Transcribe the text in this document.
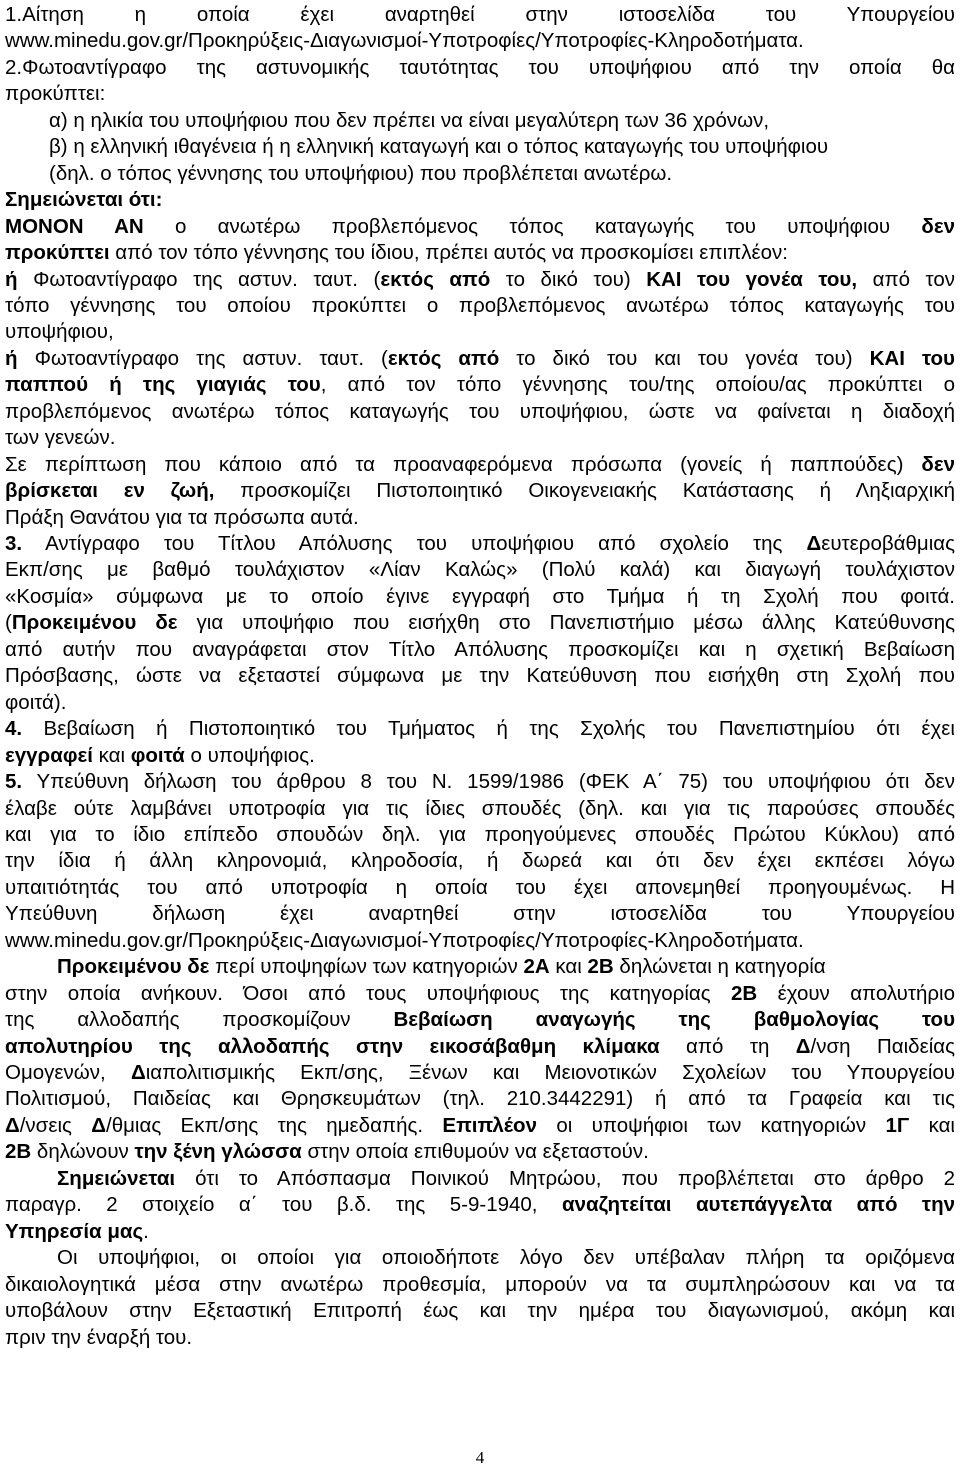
1.Αίτηση η οποία έχει αναρτηθεί στην ιστοσελίδα του Υπουργείου
www.minedu.gov.gr/Προκηρύξεις-Διαγωνισμοί-Υποτροφίες/Υποτροφίες-Κληροδοτήματα.
2.Φωτοαντίγραφο της αστυνομικής ταυτότητας του υποψήφιου από την οποία θα
προκύπτει:
α) η ηλικία του υποψήφιου που δεν πρέπει να είναι μεγαλύτερη των 36 χρόνων,
β) η ελληνική ιθαγένεια ή η ελληνική καταγωγή και ο τόπος καταγωγής του υποψήφιου
(δηλ. ο τόπος γέννησης του υποψήφιου) που προβλέπεται ανωτέρω.
Σημειώνεται ότι:
ΜΟΝΟΝ ΑΝ ο ανωτέρω προβλεπόμενος τόπος καταγωγής του υποψήφιου δεν
προκύπτει από τον τόπο γέννησης του ίδιου, πρέπει αυτός να προσκομίσει επιπλέον:
ή Φωτοαντίγραφο της αστυν. ταυτ. (εκτός από το δικό του) ΚΑΙ του γονέα του, από τον
τόπο γέννησης του οποίου προκύπτει ο προβλεπόμενος ανωτέρω τόπος καταγωγής του
υποψήφιου,
ή Φωτοαντίγραφο της αστυν. ταυτ. (εκτός από το δικό του και του γονέα του) ΚΑΙ του
παππού ή της γιαγιάς του, από τον τόπο γέννησης του/της οποίου/ας προκύπτει ο
προβλεπόμενος ανωτέρω τόπος καταγωγής του υποψήφιου, ώστε να φαίνεται η διαδοχή
των γενεών.
Σε περίπτωση που κάποιο από τα προαναφερόμενα πρόσωπα (γονείς ή παππούδες) δεν
βρίσκεται εν ζωή, προσκομίζει Πιστοποιητικό Οικογενειακής Κατάστασης ή Ληξιαρχική
Πράξη Θανάτου για τα πρόσωπα αυτά.
3. Αντίγραφο του Τίτλου Απόλυσης του υποψήφιου από σχολείο της Δευτεροβάθμιας
Εκπ/σης με βαθμό τουλάχιστον «Λίαν Καλώς» (Πολύ καλά) και διαγωγή τουλάχιστον
«Κοσμία» σύμφωνα με το οποίο έγινε εγγραφή στο Τμήμα ή τη Σχολή που φοιτά.
(Προκειμένου δε για υποψήφιο που εισήχθη στο Πανεπιστήμιο μέσω άλλης Κατεύθυνσης
από αυτήν που αναγράφεται στον Τίτλο Απόλυσης προσκομίζει και η σχετική Βεβαίωση
Πρόσβασης, ώστε να εξεταστεί σύμφωνα με την Κατεύθυνση που εισήχθη στη Σχολή που
φοιτά).
4. Βεβαίωση ή Πιστοποιητικό του Τμήματος ή της Σχολής του Πανεπιστημίου ότι έχει
εγγραφεί και φοιτά ο υποψήφιος.
5. Υπεύθυνη δήλωση του άρθρου 8 του Ν. 1599/1986 (ΦΕΚ Α΄ 75) του υποψήφιου ότι δεν
έλαβε ούτε λαμβάνει υποτροφία για τις ίδιες σπουδές (δηλ. και για τις παρούσες σπουδές
και για το ίδιο επίπεδο σπουδών δηλ. για προηγούμενες σπουδές Πρώτου Κύκλου) από
την ίδια ή άλλη κληρονομιά, κληροδοσία, ή δωρεά και ότι δεν έχει εκπέσει λόγω
υπαιτιότητάς του από υποτροφία η οποία του έχει απονεμηθεί προηγουμένως. Η
Υπεύθυνη δήλωση έχει αναρτηθεί στην ιστοσελίδα του Υπουργείου
www.minedu.gov.gr/Προκηρύξεις-Διαγωνισμοί-Υποτροφίες/Υποτροφίες-Κληροδοτήματα.
Προκειμένου δε περί υποψηφίων των κατηγοριών 2Α και 2Β δηλώνεται η κατηγορία
στην οποία ανήκουν. Όσοι από τους υποψήφιους της κατηγορίας 2Β έχουν απολυτήριο
της αλλοδαπής προσκομίζουν Βεβαίωση αναγωγής της βαθμολογίας του
απολυτηρίου της αλλοδαπής στην εικοσάβαθμη κλίμακα από τη Δ/νση Παιδείας
Ομογενών, Διαπολιτισμικής Εκπ/σης, Ξένων και Μειονοτικών Σχολείων του Υπουργείου
Πολιτισμού, Παιδείας και Θρησκευμάτων (τηλ. 210.3442291) ή από τα Γραφεία και τις
Δ/νσεις Δ/θμιας Εκπ/σης της ημεδαπής. Επιπλέον οι υποψήφιοι των κατηγοριών 1Γ και
2Β δηλώνουν την ξένη γλώσσα στην οποία επιθυμούν να εξεταστούν.
Σημειώνεται ότι το Απόσπασμα Ποινικού Μητρώου, που προβλέπεται στο άρθρο 2
παραγρ. 2 στοιχείο α΄ του β.δ. της 5-9-1940, αναζητείται αυτεπάγγελτα από την
Υπηρεσία μας.
Οι υποψήφιοι, οι οποίοι για οποιοδήποτε λόγο δεν υπέβαλαν πλήρη τα οριζόμενα
δικαιολογητικά μέσα στην ανωτέρω προθεσμία, μπορούν να τα συμπληρώσουν και να τα
υποβάλουν στην Εξεταστική Επιτροπή έως και την ημέρα του διαγωνισμού, ακόμη και
πριν την έναρξή του.
4
